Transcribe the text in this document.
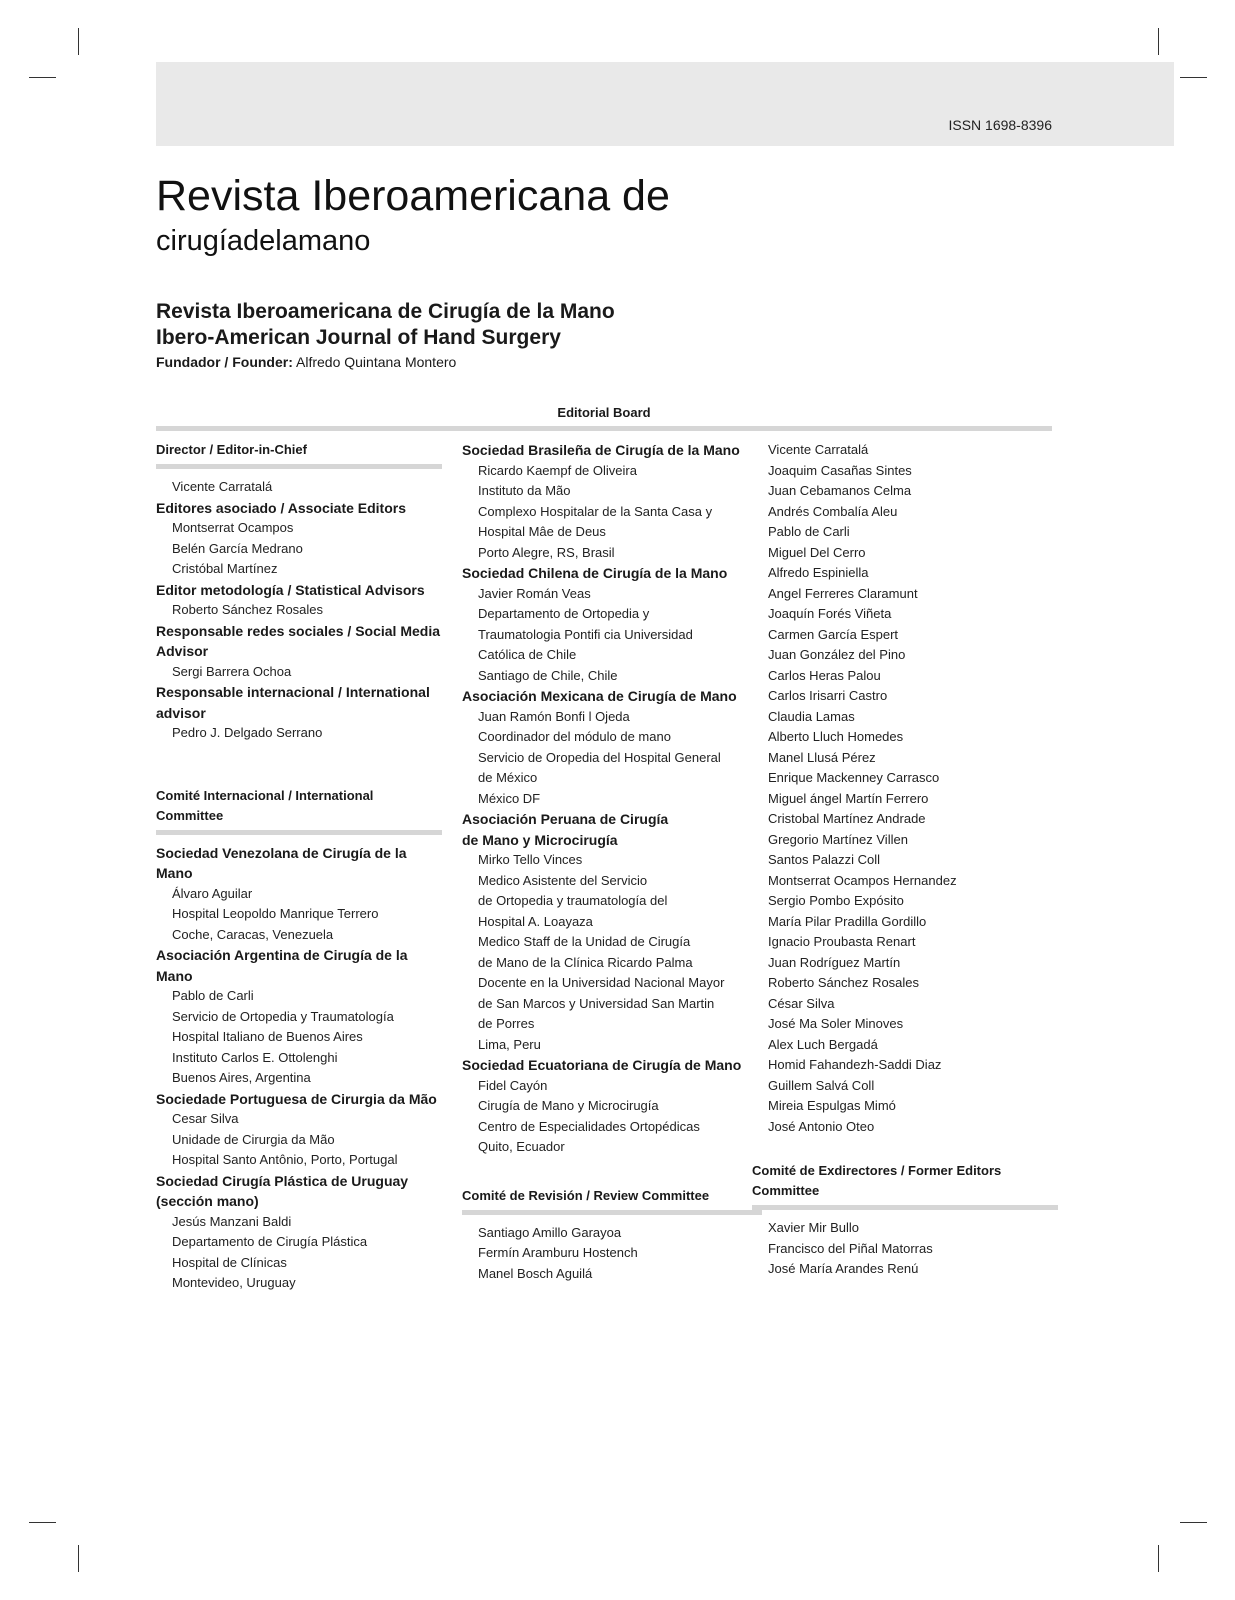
ISSN 1698-8396
Revista Iberoamericana de
cirugíadelamano
Revista Iberoamericana de Cirugía de la Mano
Ibero-American Journal of Hand Surgery
Fundador / Founder: Alfredo Quintana Montero
Editorial Board
Director / Editor-in-Chief
Vicente Carratalá
Editores asociado / Associate Editors
Montserrat Ocampos
Belén García Medrano
Cristóbal Martínez
Editor metodología / Statistical Advisors
Roberto Sánchez Rosales
Responsable redes sociales / Social Media
Advisor
Sergi Barrera Ochoa
Responsable internacional / International
advisor
Pedro J. Delgado Serrano
Comité Internacional / International Committee
Sociedad Venezolana de Cirugía de la
Mano
Álvaro Aguilar
Hospital Leopoldo Manrique Terrero
Coche, Caracas, Venezuela
Asociación Argentina de Cirugía de la
Mano
Pablo de Carli
Servicio de Ortopedia y Traumatología
Hospital Italiano de Buenos Aires
Instituto Carlos E. Ottolenghi
Buenos Aires, Argentina
Sociedade Portuguesa de Cirurgia da Mão
Cesar Silva
Unidade de Cirurgia da Mão
Hospital Santo Antônio, Porto, Portugal
Sociedad Cirugía Plástica de Uruguay
(sección mano)
Jesús Manzani Baldi
Departamento de Cirugía Plástica
Hospital de Clínicas
Montevideo, Uruguay
Sociedad Brasileña de Cirugía de la Mano
Ricardo Kaempf de Oliveira
Instituto da Mão
Complexo Hospitalar de la Santa Casa y
Hospital Mâe de Deus
Porto Alegre, RS, Brasil
Sociedad Chilena de Cirugía de la Mano
Javier Román Veas
Departamento de Ortopedia y
Traumatologia Pontifi cia Universidad
Católica de Chile
Santiago de Chile, Chile
Asociación Mexicana de Cirugía de Mano
Juan Ramón Bonfi l Ojeda
Coordinador del módulo de mano
Servicio de Oropedia del Hospital General
de México
México DF
Asociación Peruana de Cirugía
de Mano y Microcirugía
Mirko Tello Vinces
Medico Asistente del Servicio
de Ortopedia y traumatología del
Hospital A. Loayaza
Medico Staff de la Unidad de Cirugía
de Mano de la Clínica Ricardo Palma
Docente en la Universidad Nacional Mayor
de San Marcos y Universidad San Martin
de Porres
Lima, Peru
Sociedad Ecuatoriana de Cirugía de Mano
Fidel Cayón
Cirugía de Mano y Microcirugía
Centro de Especialidades Ortopédicas
Quito, Ecuador
Comité de Revisión / Review Committee
Santiago Amillo Garayoa
Fermín Aramburu Hostench
Manel Bosch Aguilá
Vicente Carratalá
Joaquim Casañas Sintes
Juan Cebamanos Celma
Andrés Combalía Aleu
Pablo de Carli
Miguel Del Cerro
Alfredo Espiniella
Angel Ferreres Claramunt
Joaquín Forés Viñeta
Carmen García Espert
Juan González del Pino
Carlos Heras Palou
Carlos Irisarri Castro
Claudia Lamas
Alberto Lluch Homedes
Manel Llusá Pérez
Enrique Mackenney Carrasco
Miguel ángel Martín Ferrero
Cristobal Martínez Andrade
Gregorio Martínez Villen
Santos Palazzi Coll
Montserrat Ocampos Hernandez
Sergio Pombo Expósito
María Pilar Pradilla Gordillo
Ignacio Proubasta Renart
Juan Rodríguez Martín
Roberto Sánchez Rosales
César Silva
José Ma Soler Minoves
Alex Luch Bergadá
Homid Fahandezh-Saddi Diaz
Guillem Salvá Coll
Mireia Espulgas Mimó
José Antonio Oteo
Comité de Exdirectores / Former Editors
Committee
Xavier Mir Bullo
Francisco del Piñal Matorras
José María Arandes Renú
